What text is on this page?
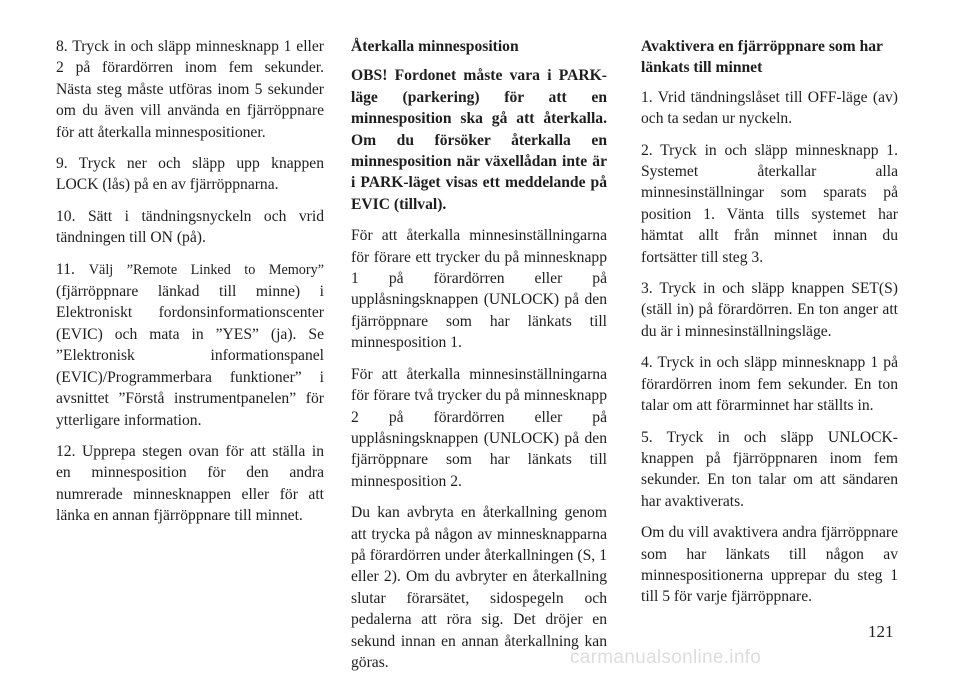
8. Tryck in och släpp minnesknapp 1 eller 2 på förardörren inom fem sekunder. Nästa steg måste utföras inom 5 sekunder om du även vill använda en fjärröppnare för att återkalla minnespositioner.

9. Tryck ner och släpp upp knappen LOCK (lås) på en av fjärröppnarna.

10. Sätt i tändningsnyckeln och vrid tändningen till ON (på).

11. Välj ”Remote Linked to Memory” (fjärröppnare länkad till minne) i Elektroniskt fordonsinformationscenter (EVIC) och mata in ”YES” (ja). Se ”Elektronisk informationspanel (EVIC)/Programmerbara funktioner” i avsnittet ”Förstå instrumentpanelen” för ytterligare information.

12. Upprepa stegen ovan för att ställa in en minnesposition för den andra numrerade minnesknappen eller för att länka en annan fjärröppnare till minnet.

Återkalla minnesposition

OBS! Fordonet måste vara i PARK-läge (parkering) för att en minnesposition ska gå att återkalla. Om du försöker återkalla en minnesposition när växellådan inte är i PARK-läget visas ett meddelande på EVIC (tillval).

För att återkalla minnesinställningarna för förare ett trycker du på minnesknapp 1 på förardörren eller på upplåsningsknappen (UNLOCK) på den fjärröppnare som har länkats till minnesposition 1.

För att återkalla minnesinställningarna för förare två trycker du på minnesknapp 2 på förardörren eller på upplåsningsknappen (UNLOCK) på den fjärröppnare som har länkats till minnesposition 2.

Du kan avbryta en återkallning genom att trycka på någon av minnesknapparna på förardörren under återkallningen (S, 1 eller 2). Om du avbryter en återkallning slutar förarsätet, sidospegeln och pedalerna att röra sig. Det dröjer en sekund innan en annan återkallning kan göras.

Avaktivera en fjärröppnare som har länkats till minnet

1. Vrid tändningslåset till OFF-läge (av) och ta sedan ur nyckeln.

2. Tryck in och släpp minnesknapp 1. Systemet återkallar alla minnesinställningar som sparats på position 1. Vänta tills systemet har hämtat allt från minnet innan du fortsätter till steg 3.

3. Tryck in och släpp knappen SET(S) (ställ in) på förardörren. En ton anger att du är i minnesinställningsläge.

4. Tryck in och släpp minnesknapp 1 på förardörren inom fem sekunder. En ton talar om att förarminnet har ställts in.

5. Tryck in och släpp UNLOCK-knappen på fjärröppnaren inom fem sekunder. En ton talar om att sändaren har avaktiverats.

Om du vill avaktivera andra fjärröppnare som har länkats till någon av minnespositionerna upprepar du steg 1 till 5 för varje fjärröppnare.

121
carmanualsonline.info
